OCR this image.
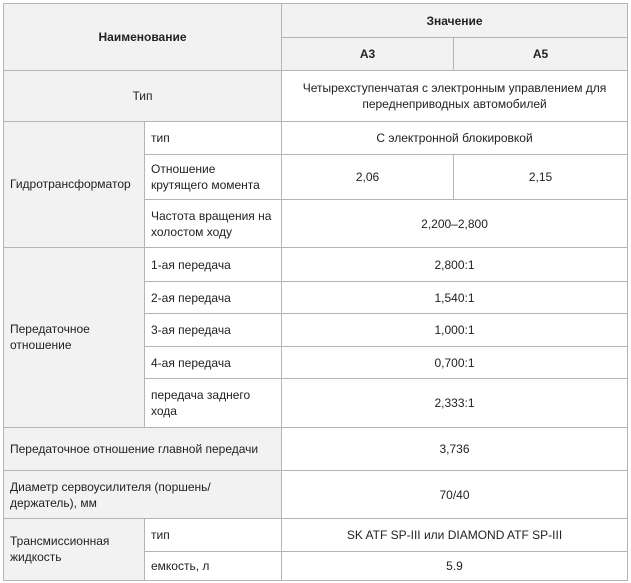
Наименование		Значение	
		A3	A5
Тип		Четырехступенчатая с электронным управлением для переднеприводных автомобилей	
Гидротрансформатор	тип	С электронной блокировкой	
	Отношение крутящего момента	2,06	2,15
	Частота вращения на холостом ходу	2,200–2,800	
Передаточное отношение	1-ая передача	2,800:1	
	2-ая передача	1,540:1	
	3-ая передача	1,000:1	
	4-ая передача	0,700:1	
	передача заднего хода	2,333:1	
Передаточное отношение главной передачи		3,736	
Диаметр сервоусилителя (поршень/держатель), мм		70/40	
Трансмиссионная жидкость	тип	SK ATF SP-III или DIAMOND ATF SP-III	
	емкость, л	5.9	
